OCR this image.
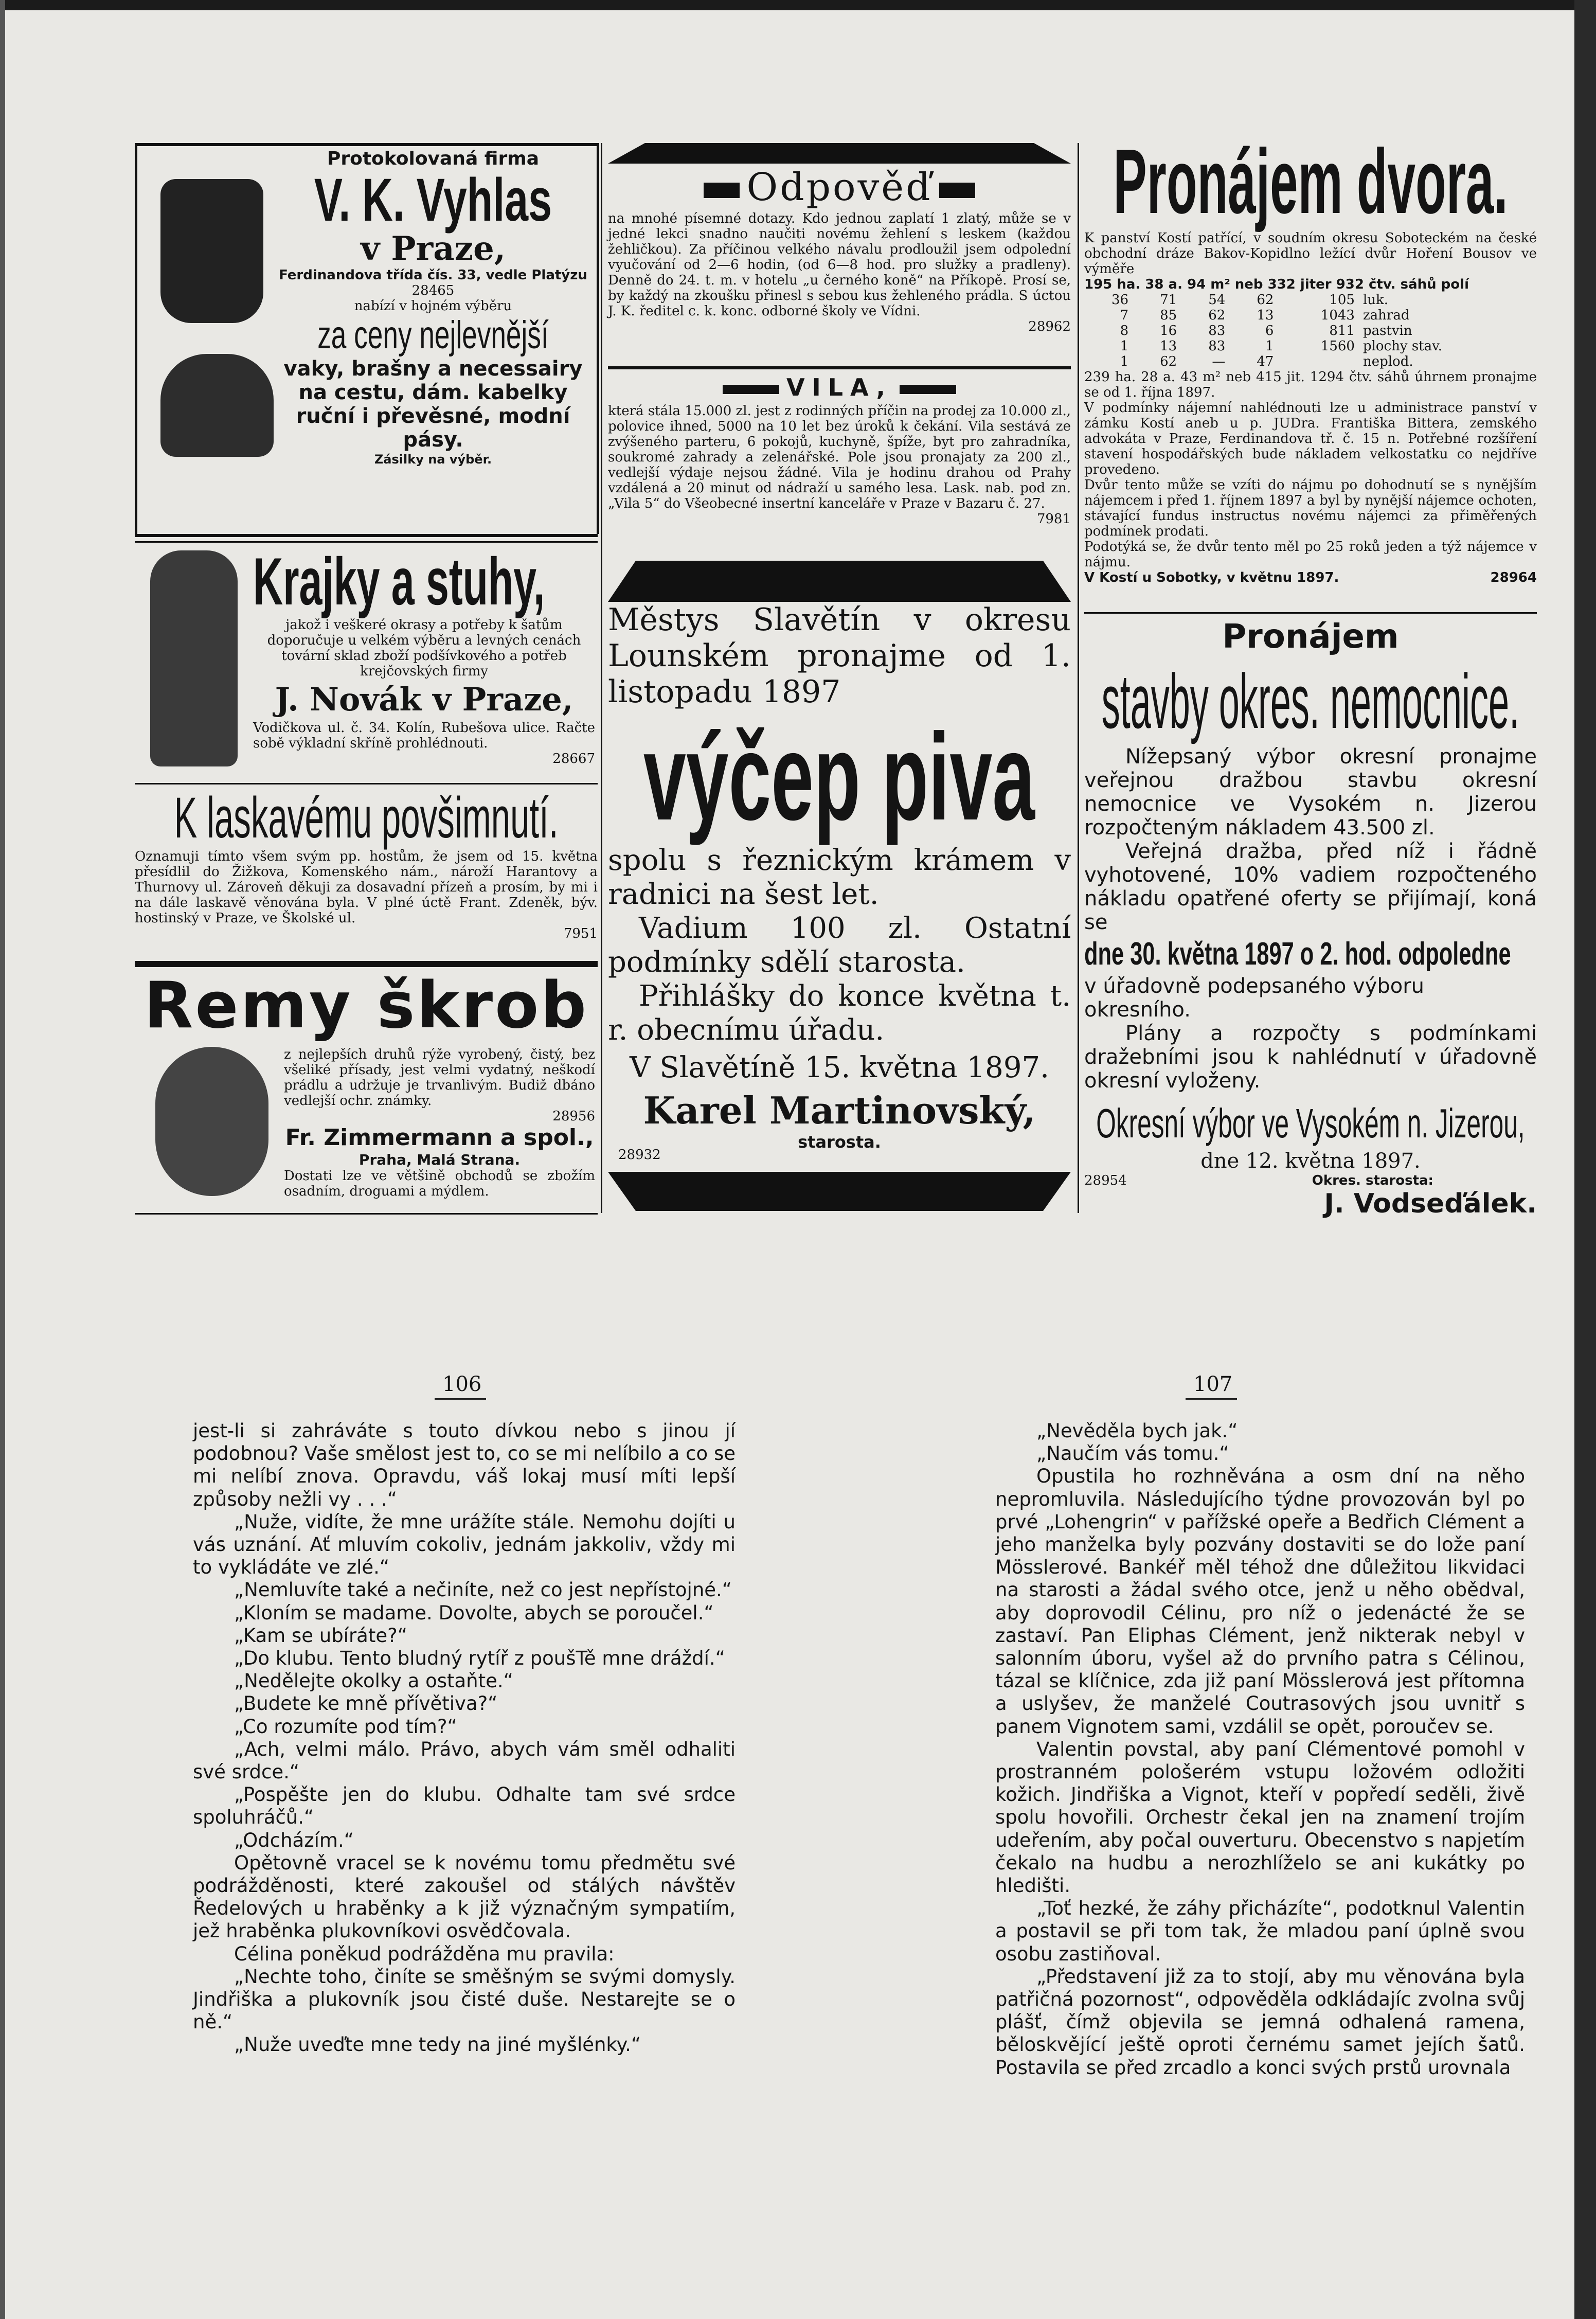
Protokolovaná firma

V. K. Vyhlas

v Praze,

Ferdinandova třída čís. 33, vedle Platýzu

28465

nabízí v hojném výběru

za ceny nejlevnější

vaky, brašny a necessairy na cestu, dám. kabelky ruční i převěsné, modní pásy.

Zásilky na výběr.

Krajky a stuhy,

jakož i veškeré okrasy a potřeby k šatům doporučuje u velkém výběru a levných cenách tovární sklad zboží podšívkového a potřeb krejčovských firmy

J. Novák v Praze,

Vodičkova ul. č. 34. Kolín, Rubešova ulice. Račte sobě výkladní skříně prohlédnouti.

28667

K laskavému povšimnutí.

Oznamuji tímto všem svým pp. hostům, že jsem od 15. května přesídlil do Žižkova, Komenského nám., nároží Harantovy a Thurnovy ul. Zároveň děkuji za dosavadní přízeň a prosím, by mi i na dále laskavě věnována byla. V plné úctě Frant. Zdeněk, býv. hostinský v Praze, ve Školské ul.

7951

Remy škrob

z nejlepších druhů rýže vyrobený, čistý, bez všeliké přísady, jest velmi vydatný, neškodí prádlu a udržuje je trvanlivým. Budiž dbáno vedlejší ochr. známky.

28956

Fr. Zimmermann a spol.,

Praha, Malá Strana.

Dostati lze ve většině obchodů se zbožím osadním, droguami a mýdlem.

Odpověď

na mnohé písemné dotazy. Kdo jednou zaplatí 1 zlatý, může se v jedné lekci snadno naučiti novému žehlení s leskem (každou žehličkou). Za příčinou velkého návalu prodloužil jsem odpolední vyučování od 2—6 hodin, (od 6—8 hod. pro služky a pradleny). Denně do 24. t. m. v hotelu „u černého koně“ na Příkopě. Prosí se, by každý na zkoušku přinesl s sebou kus žehleného prádla. S úctou J. K. ředitel c. k. konc. odborné školy ve Vídni.

28962

VILA,

která stála 15.000 zl. jest z rodinných příčin na prodej za 10.000 zl., polovice ihned, 5000 na 10 let bez úroků k čekání. Vila sestává ze zvýšeného parteru, 6 pokojů, kuchyně, špíže, byt pro zahradníka, soukromé zahrady a zelenářské. Pole jsou pronajaty za 200 zl., vedlejší výdaje nejsou žádné. Vila je hodinu drahou od Prahy vzdálená a 20 minut od nádraží u samého lesa. Lask. nab. pod zn. „Vila 5“ do Všeobecné insertní kanceláře v Praze v Bazaru č. 27.

7981

Městys Slavětín v okresu Lounském pronajme od 1. listopadu 1897

výčep piva

spolu s řeznickým krámem v radnici na šest let.

Vadium 100 zl. Ostatní podmínky sdělí starosta.

Přihlášky do konce května t. r. obecnímu úřadu.

V Slavětíně 15. května 1897.

Karel Martinovský,

starosta.

28932

Pronájem dvora.

K panství Kostí patřící, v soudním okresu Soboteckém na české obchodní dráze Bakov-Kopidlno ležící dvůr Hoření Bousov ve výměře

195 ha. 38 a. 94 m² neb 332 jiter 932 čtv. sáhů polí

36	71	54	62	105	luk.
7	85	62	13	1043	zahrad
8	16	83	6	811	pastvin
1	13	83	1	1560	plochy stav.
1	62	—	47		neplod.

239 ha. 28 a. 43 m² neb 415 jit. 1294 čtv. sáhů úhrnem pronajme se od 1. října 1897.

V podmínky nájemní nahlédnouti lze u administrace panství v zámku Kostí aneb u p. JUDra. Františka Bittera, zemského advokáta v Praze, Ferdinandova tř. č. 15 n. Potřebné rozšíření stavení hospodářských bude nákladem velkostatku co nejdříve provedeno.

Dvůr tento může se vzíti do nájmu po dohodnutí se s nynějším nájemcem i před 1. říjnem 1897 a byl by nynější nájemce ochoten, stávající fundus instructus novému nájemci za přiměřených podmínek prodati.

Podotýká se, že dvůr tento měl po 25 roků jeden a týž nájemce v nájmu.

V Kostí u Sobotky, v květnu 1897.	28964

Pronájem

stavby okres. nemocnice.

Nížepsaný výbor okresní pronajme veřejnou dražbou stavbu okresní nemocnice ve Vysokém n. Jizerou rozpočteným nákladem 43.500 zl.

Veřejná dražba, před níž i řádně vyhotovené, 10% vadiem rozpočteného nákladu opatřené oferty se přijímají, koná se

dne 30. května 1897 o 2. hod. odpoledne

v úřadovně podepsaného výboru okresního.

Plány a rozpočty s podmínkami dražebními jsou k nahlédnutí v úřadovně okresní vyloženy.

Okresní výbor ve Vysokém n. Jizerou,

dne 12. května 1897.

28954	Okres. starosta:

J. Vodseďálek.

106	107

jest-li si zahráváte s touto dívkou nebo s jinou jí podobnou? Vaše smělost jest to, co se mi nelíbilo a co se mi nelíbí znova. Opravdu, váš lokaj musí míti lepší způsoby nežli vy . . .“

„Nuže, vidíte, že mne urážíte stále. Nemohu dojíti u vás uznání. Ať mluvím cokoliv, jednám jakkoliv, vždy mi to vykládáte ve zlé.“

„Nemluvíte také a nečiníte, než co jest nepřístojné.“

„Kloním se madame. Dovolte, abych se poroučel.“

„Kam se ubíráte?“

„Do klubu. Tento bludný rytíř z poušTě mne dráždí.“

„Nedělejte okolky a ostaňte.“

„Budete ke mně přívětiva?“

„Co rozumíte pod tím?“

„Ach, velmi málo. Právo, abych vám směl odhaliti své srdce.“

„Pospěšte jen do klubu. Odhalte tam své srdce spoluhráčů.“

„Odcházím.“

Opětovně vracel se k novému tomu předmětu své podrážděnosti, které zakoušel od stálých návštěv Ředelových u hraběnky a k již význačným sympatiím, jež hraběnka plukovníkovi osvědčovala.

Célina poněkud podrážděna mu pravila:

„Nechte toho, činíte se směšným se svými domysly. Jindřiška a plukovník jsou čisté duše. Nestarejte se o ně.“

„Nuže uveďte mne tedy na jiné myšlénky.“

„Nevěděla bych jak.“

„Naučím vás tomu.“

Opustila ho rozhněvána a osm dní na něho nepromluvila. Následujícího týdne provozován byl po prvé „Lohengrin“ v pařížské opeře a Bedřich Clément a jeho manželka byly pozvány dostaviti se do lože paní Mösslerové. Bankéř měl téhož dne důležitou likvidaci na starosti a žádal svého otce, jenž u něho obědval, aby doprovodil Célinu, pro níž o jedenácté že se zastaví. Pan Eliphas Clément, jenž nikterak nebyl v salonním úboru, vyšel až do prvního patra s Célinou, tázal se klíčnice, zda již paní Mösslerová jest přítomna a uslyšev, že manželé Coutrasových jsou uvnitř s panem Vignotem sami, vzdálil se opět, poroučev se.

Valentin povstal, aby paní Clémentové pomohl v prostranném pološerém vstupu ložovém odložiti kožich. Jindřiška a Vignot, kteří v popředí seděli, živě spolu hovořili. Orchestr čekal jen na znamení trojím udeřením, aby počal ouverturu. Obecenstvo s napjetím čekalo na hudbu a nerozhlíželo se ani kukátky po hledišti.

„Toť hezké, že záhy přicházíte“, podotknul Valentin a postavil se při tom tak, že mladou paní úplně svou osobu zastiňoval.

„Představení již za to stojí, aby mu věnována byla patřičná pozornost“, odpověděla odkládajíc zvolna svůj plášť, čímž objevila se jemná odhalená ramena, běloskvějící ještě oproti černému samet jejích šatů. Postavila se před zrcadlo a konci svých prstů urovnala
